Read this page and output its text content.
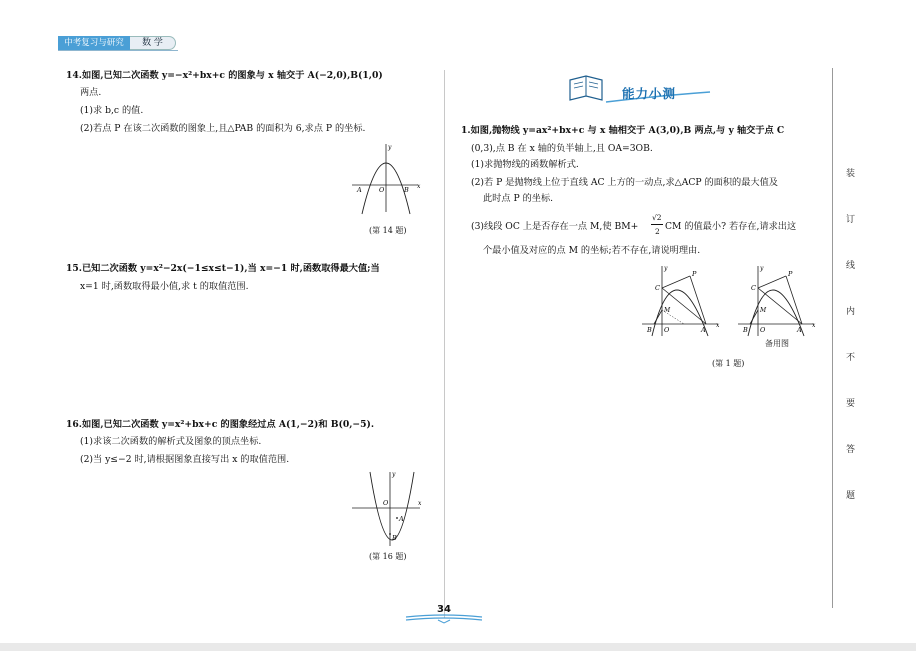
中考复习与研究	数 学
14.如图,已知二次函数 y=−x²+bx+c 的图象与 x 轴交于 A(−2,0),B(1,0)
两点.
(1)求 b,c 的值.
(2)若点 P 在该二次函数的图象上,且△PAB 的面积为 6,求点 P 的坐标.
y
A	O	B x
(第 14 题)
15.已知二次函数 y=x²−2x(−1≤x≤t−1),当 x=−1 时,函数取得最大值;当
x=1 时,函数取得最小值,求 t 的取值范围.
16.如图,已知二次函数 y=x²+bx+c 的图象经过点 A(1,−2)和 B(0,−5).
(1)求该二次函数的解析式及图象的顶点坐标.
(2)当 y≤−2 时,请根据图象直接写出 x 的取值范围.
y
O	x
A
B
(第 16 题)
能力小测
1.如图,抛物线 y=ax²+bx+c 与 x 轴相交于 A(3,0),B 两点,与 y 轴交于点 C
(0,3),点 B 在 x 轴的负半轴上,且 OA=3OB.
(1)求抛物线的函数解析式.
(2)若 P 是抛物线上位于直线 AC 上方的一动点,求△ACP 的面积的最大值及
此时点 P 的坐标.
(3)线段 OC 上是否存在一点 M,使 BM+
√2
2 CM 的值最小? 若存在,请求出这
个最小值及对应的点 M 的坐标;若不存在,请说明理由.
y
C
P
M
B O	A
x
y
C
P
M
B O	A
x
备用图
(第 1 题)
装
订
线
内
不
要
答
题
34
